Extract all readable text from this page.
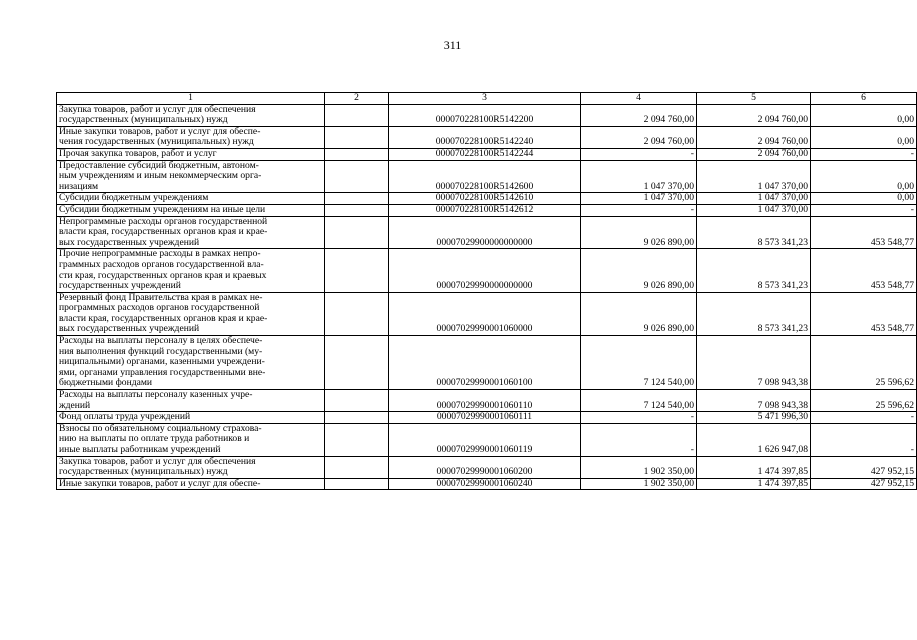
311
1	2	3	4	5	6
Закупка товаров, работ и услуг для обеспечения
государственных (муниципальных) нужд		000070228100R5142200	2 094 760,00	2 094 760,00	0,00
Иные закупки товаров, работ и услуг для обеспе-
чения государственных (муниципальных) нужд		000070228100R5142240	2 094 760,00	2 094 760,00	0,00
Прочая закупка товаров, работ и услуг		000070228100R5142244	-	2 094 760,00	-
Предоставление субсидий бюджетным, автоном-
ным учреждениям и иным некоммерческим орга-
низациям		000070228100R5142600	1 047 370,00	1 047 370,00	0,00
Субсидии бюджетным учреждениям		000070228100R5142610	1 047 370,00	1 047 370,00	0,00
Субсидии бюджетным учреждениям на иные цели		000070228100R5142612	-	1 047 370,00	-
Непрограммные расходы органов государственной
власти края, государственных органов края и крае-
вых государственных учреждений		00007029900000000000	9 026 890,00	8 573 341,23	453 548,77
Прочие непрограммные расходы в рамках непро-
граммных расходов органов государственной вла-
сти края, государственных органов края и краевых
государственных учреждений		00007029990000000000	9 026 890,00	8 573 341,23	453 548,77
Резервный фонд Правительства края в рамках не-
программных расходов органов государственной
власти края, государственных органов края и крае-
вых государственных учреждений		00007029990001060000	9 026 890,00	8 573 341,23	453 548,77
Расходы на выплаты персоналу в целях обеспече-
ния выполнения функций государственными (му-
ниципальными) органами, казенными учреждени-
ями, органами управления государственными вне-
бюджетными фондами		00007029990001060100	7 124 540,00	7 098 943,38	25 596,62
Расходы на выплаты персоналу казенных учре-
ждений		00007029990001060110	7 124 540,00	7 098 943,38	25 596,62
Фонд оплаты труда учреждений		00007029990001060111	-	5 471 996,30	-
Взносы по обязательному социальному страхова-
нию на выплаты по оплате труда работников и
иные выплаты работникам учреждений		00007029990001060119	-	1 626 947,08	-
Закупка товаров, работ и услуг для обеспечения
государственных (муниципальных) нужд		00007029990001060200	1 902 350,00	1 474 397,85	427 952,15
Иные закупки товаров, работ и услуг для обеспе-		00007029990001060240	1 902 350,00	1 474 397,85	427 952,15
